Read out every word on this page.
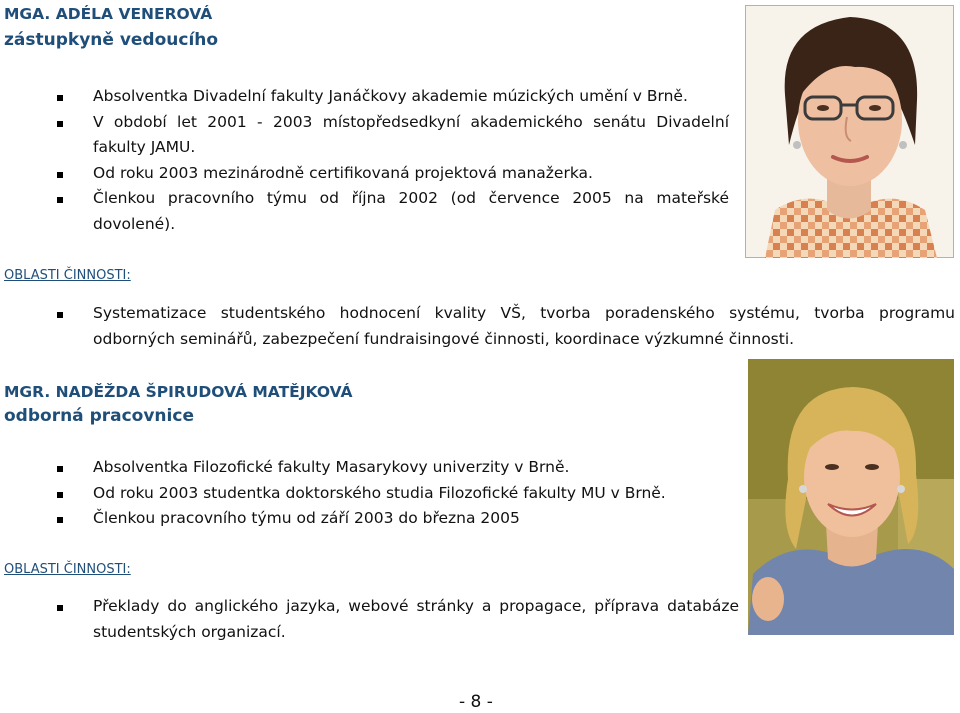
MGA. ADÉLA VENEROVÁ
zástupkyně vedoucího
Absolventka Divadelní fakulty Janáčkovy akademie múzických umění v Brně.
V období let 2001 - 2003 místopředsedkyní akademického senátu Divadelní fakulty JAMU.
Od roku 2003 mezinárodně certifikovaná projektová manažerka.
Členkou pracovního týmu od října 2002 (od července 2005 na mateřské dovolené).
OBLASTI ČINNOSTI:
Systematizace studentského hodnocení kvality VŠ, tvorba poradenského systému, tvorba programu odborných seminářů, zabezpečení fundraisingové činnosti, koordinace výzkumné činnosti.
MGR. NADĚŽDA ŠPIRUDOVÁ MATĚJKOVÁ
odborná pracovnice
Absolventka Filozofické fakulty Masarykovy univerzity v Brně.
Od roku 2003 studentka doktorského studia Filozofické fakulty MU v Brně.
Členkou pracovního týmu od září 2003 do března 2005
OBLASTI ČINNOSTI:
Překlady do anglického jazyka, webové stránky a propagace, příprava databáze studentských organizací.
- 8 -
